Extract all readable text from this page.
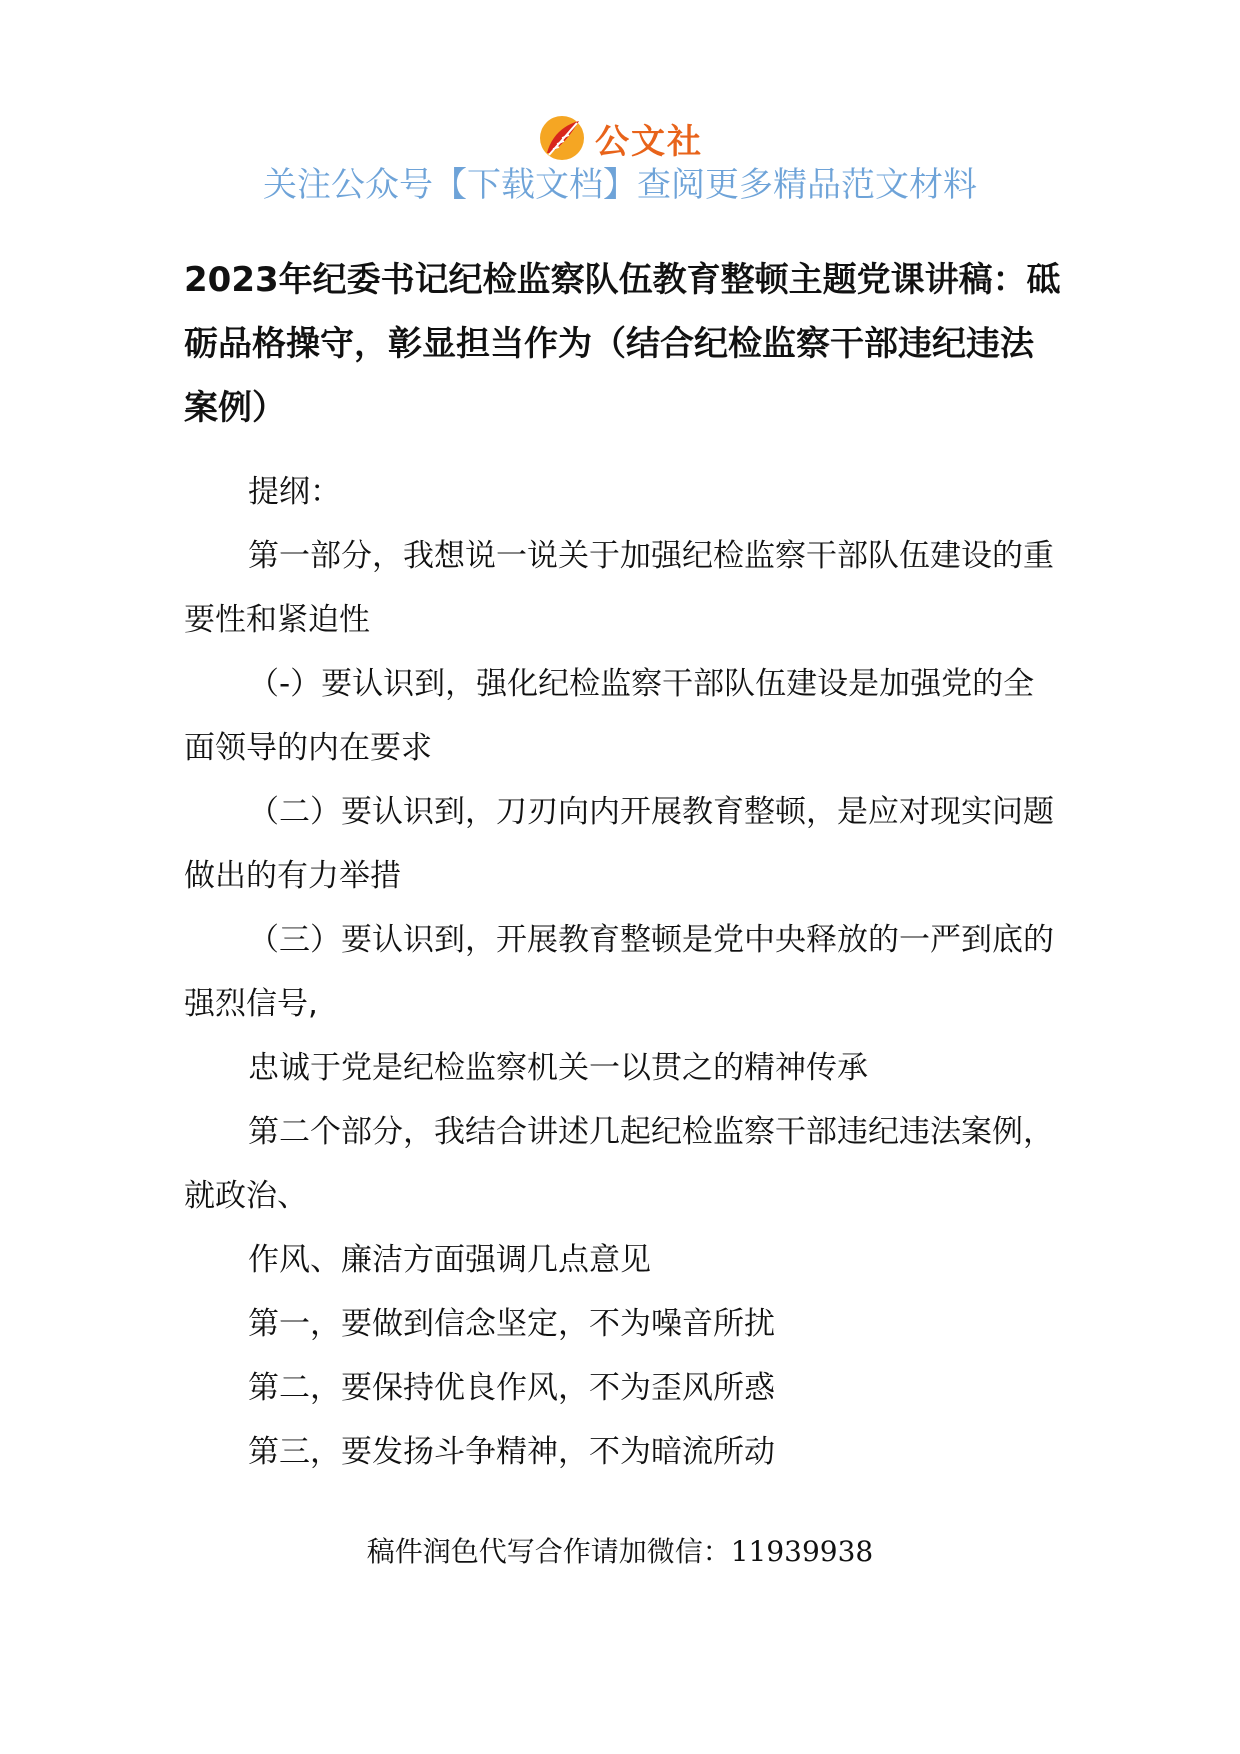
公文社
关注公众号【下载文档】查阅更多精品范文材料
2023年纪委书记纪检监察队伍教育整顿主题党课讲稿：砥砺品格操守，彰显担当作为（结合纪检监察干部违纪违法案例）

提纲：

第一部分，我想说一说关于加强纪检监察干部队伍建设的重要性和紧迫性

（-）要认识到，强化纪检监察干部队伍建设是加强党的全面领导的内在要求

（二）要认识到，刀刃向内开展教育整顿，是应对现实问题做出的有力举措

（三）要认识到，开展教育整顿是党中央释放的一严到底的强烈信号,

忠诚于党是纪检监察机关一以贯之的精神传承

第二个部分，我结合讲述几起纪检监察干部违纪违法案例，就政治、

作风、廉洁方面强调几点意见

第一，要做到信念坚定，不为噪音所扰

第二，要保持优良作风，不为歪风所惑

第三，要发扬斗争精神，不为暗流所动

稿件润色代写合作请加微信：11939938
